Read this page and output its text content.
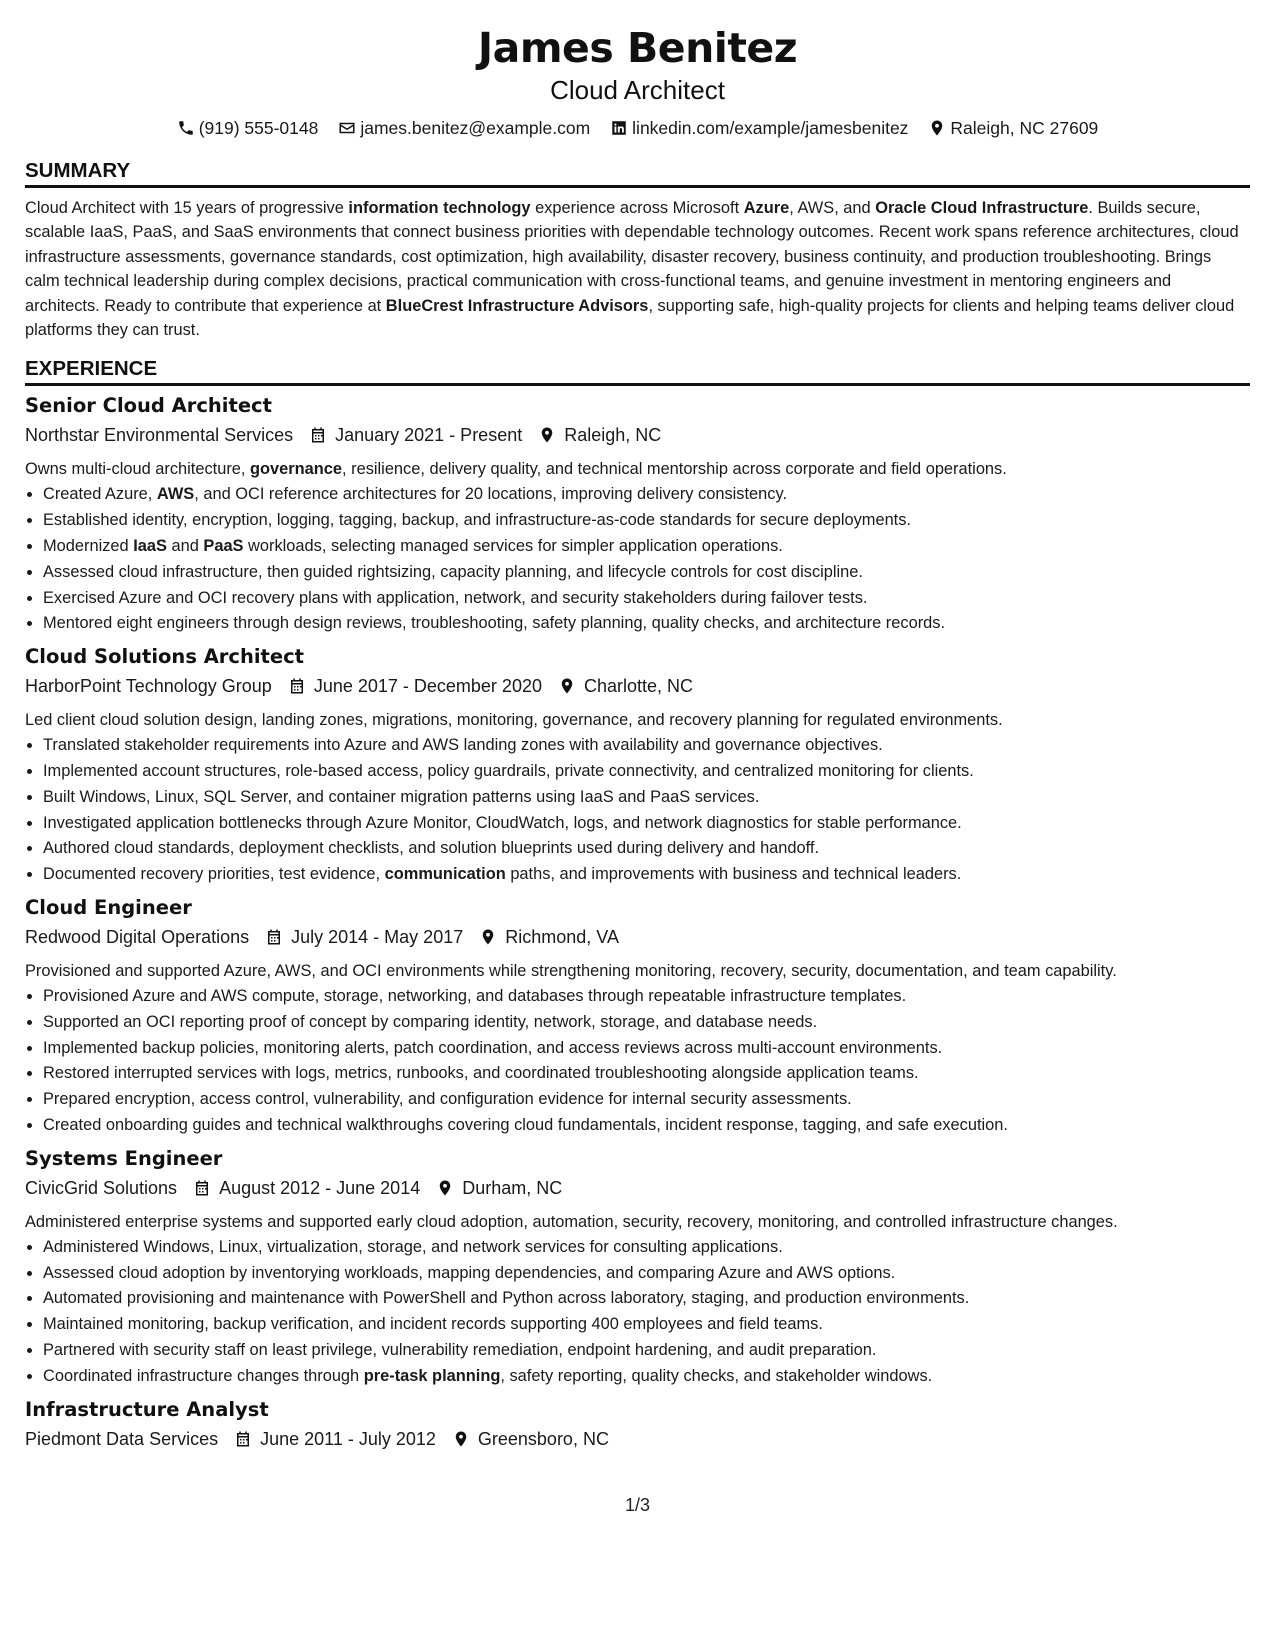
James Benitez
Cloud Architect
(919) 555-0148 james.benitez@example.com linkedin.com/example/jamesbenitez Raleigh, NC 27609
SUMMARY
Cloud Architect with 15 years of progressive information technology experience across Microsoft Azure, AWS, and Oracle Cloud Infrastructure. Builds secure, scalable IaaS, PaaS, and SaaS environments that connect business priorities with dependable technology outcomes. Recent work spans reference architectures, cloud infrastructure assessments, governance standards, cost optimization, high availability, disaster recovery, business continuity, and production troubleshooting. Brings calm technical leadership during complex decisions, practical communication with cross-functional teams, and genuine investment in mentoring engineers and architects. Ready to contribute that experience at BlueCrest Infrastructure Advisors, supporting safe, high-quality projects for clients and helping teams deliver cloud platforms they can trust.
EXPERIENCE
Senior Cloud Architect
Northstar Environmental Services January 2021 - Present Raleigh, NC
Owns multi-cloud architecture, governance, resilience, delivery quality, and technical mentorship across corporate and field operations.
• Created Azure, AWS, and OCI reference architectures for 20 locations, improving delivery consistency.
• Established identity, encryption, logging, tagging, backup, and infrastructure-as-code standards for secure deployments.
• Modernized IaaS and PaaS workloads, selecting managed services for simpler application operations.
• Assessed cloud infrastructure, then guided rightsizing, capacity planning, and lifecycle controls for cost discipline.
• Exercised Azure and OCI recovery plans with application, network, and security stakeholders during failover tests.
• Mentored eight engineers through design reviews, troubleshooting, safety planning, quality checks, and architecture records.
Cloud Solutions Architect
HarborPoint Technology Group June 2017 - December 2020 Charlotte, NC
Led client cloud solution design, landing zones, migrations, monitoring, governance, and recovery planning for regulated environments.
• Translated stakeholder requirements into Azure and AWS landing zones with availability and governance objectives.
• Implemented account structures, role-based access, policy guardrails, private connectivity, and centralized monitoring for clients.
• Built Windows, Linux, SQL Server, and container migration patterns using IaaS and PaaS services.
• Investigated application bottlenecks through Azure Monitor, CloudWatch, logs, and network diagnostics for stable performance.
• Authored cloud standards, deployment checklists, and solution blueprints used during delivery and handoff.
• Documented recovery priorities, test evidence, communication paths, and improvements with business and technical leaders.
Cloud Engineer
Redwood Digital Operations July 2014 - May 2017 Richmond, VA
Provisioned and supported Azure, AWS, and OCI environments while strengthening monitoring, recovery, security, documentation, and team capability.
• Provisioned Azure and AWS compute, storage, networking, and databases through repeatable infrastructure templates.
• Supported an OCI reporting proof of concept by comparing identity, network, storage, and database needs.
• Implemented backup policies, monitoring alerts, patch coordination, and access reviews across multi-account environments.
• Restored interrupted services with logs, metrics, runbooks, and coordinated troubleshooting alongside application teams.
• Prepared encryption, access control, vulnerability, and configuration evidence for internal security assessments.
• Created onboarding guides and technical walkthroughs covering cloud fundamentals, incident response, tagging, and safe execution.
Systems Engineer
CivicGrid Solutions August 2012 - June 2014 Durham, NC
Administered enterprise systems and supported early cloud adoption, automation, security, recovery, monitoring, and controlled infrastructure changes.
• Administered Windows, Linux, virtualization, storage, and network services for consulting applications.
• Assessed cloud adoption by inventorying workloads, mapping dependencies, and comparing Azure and AWS options.
• Automated provisioning and maintenance with PowerShell and Python across laboratory, staging, and production environments.
• Maintained monitoring, backup verification, and incident records supporting 400 employees and field teams.
• Partnered with security staff on least privilege, vulnerability remediation, endpoint hardening, and audit preparation.
• Coordinated infrastructure changes through pre-task planning, safety reporting, quality checks, and stakeholder windows.
Infrastructure Analyst
Piedmont Data Services June 2011 - July 2012 Greensboro, NC
1/3
